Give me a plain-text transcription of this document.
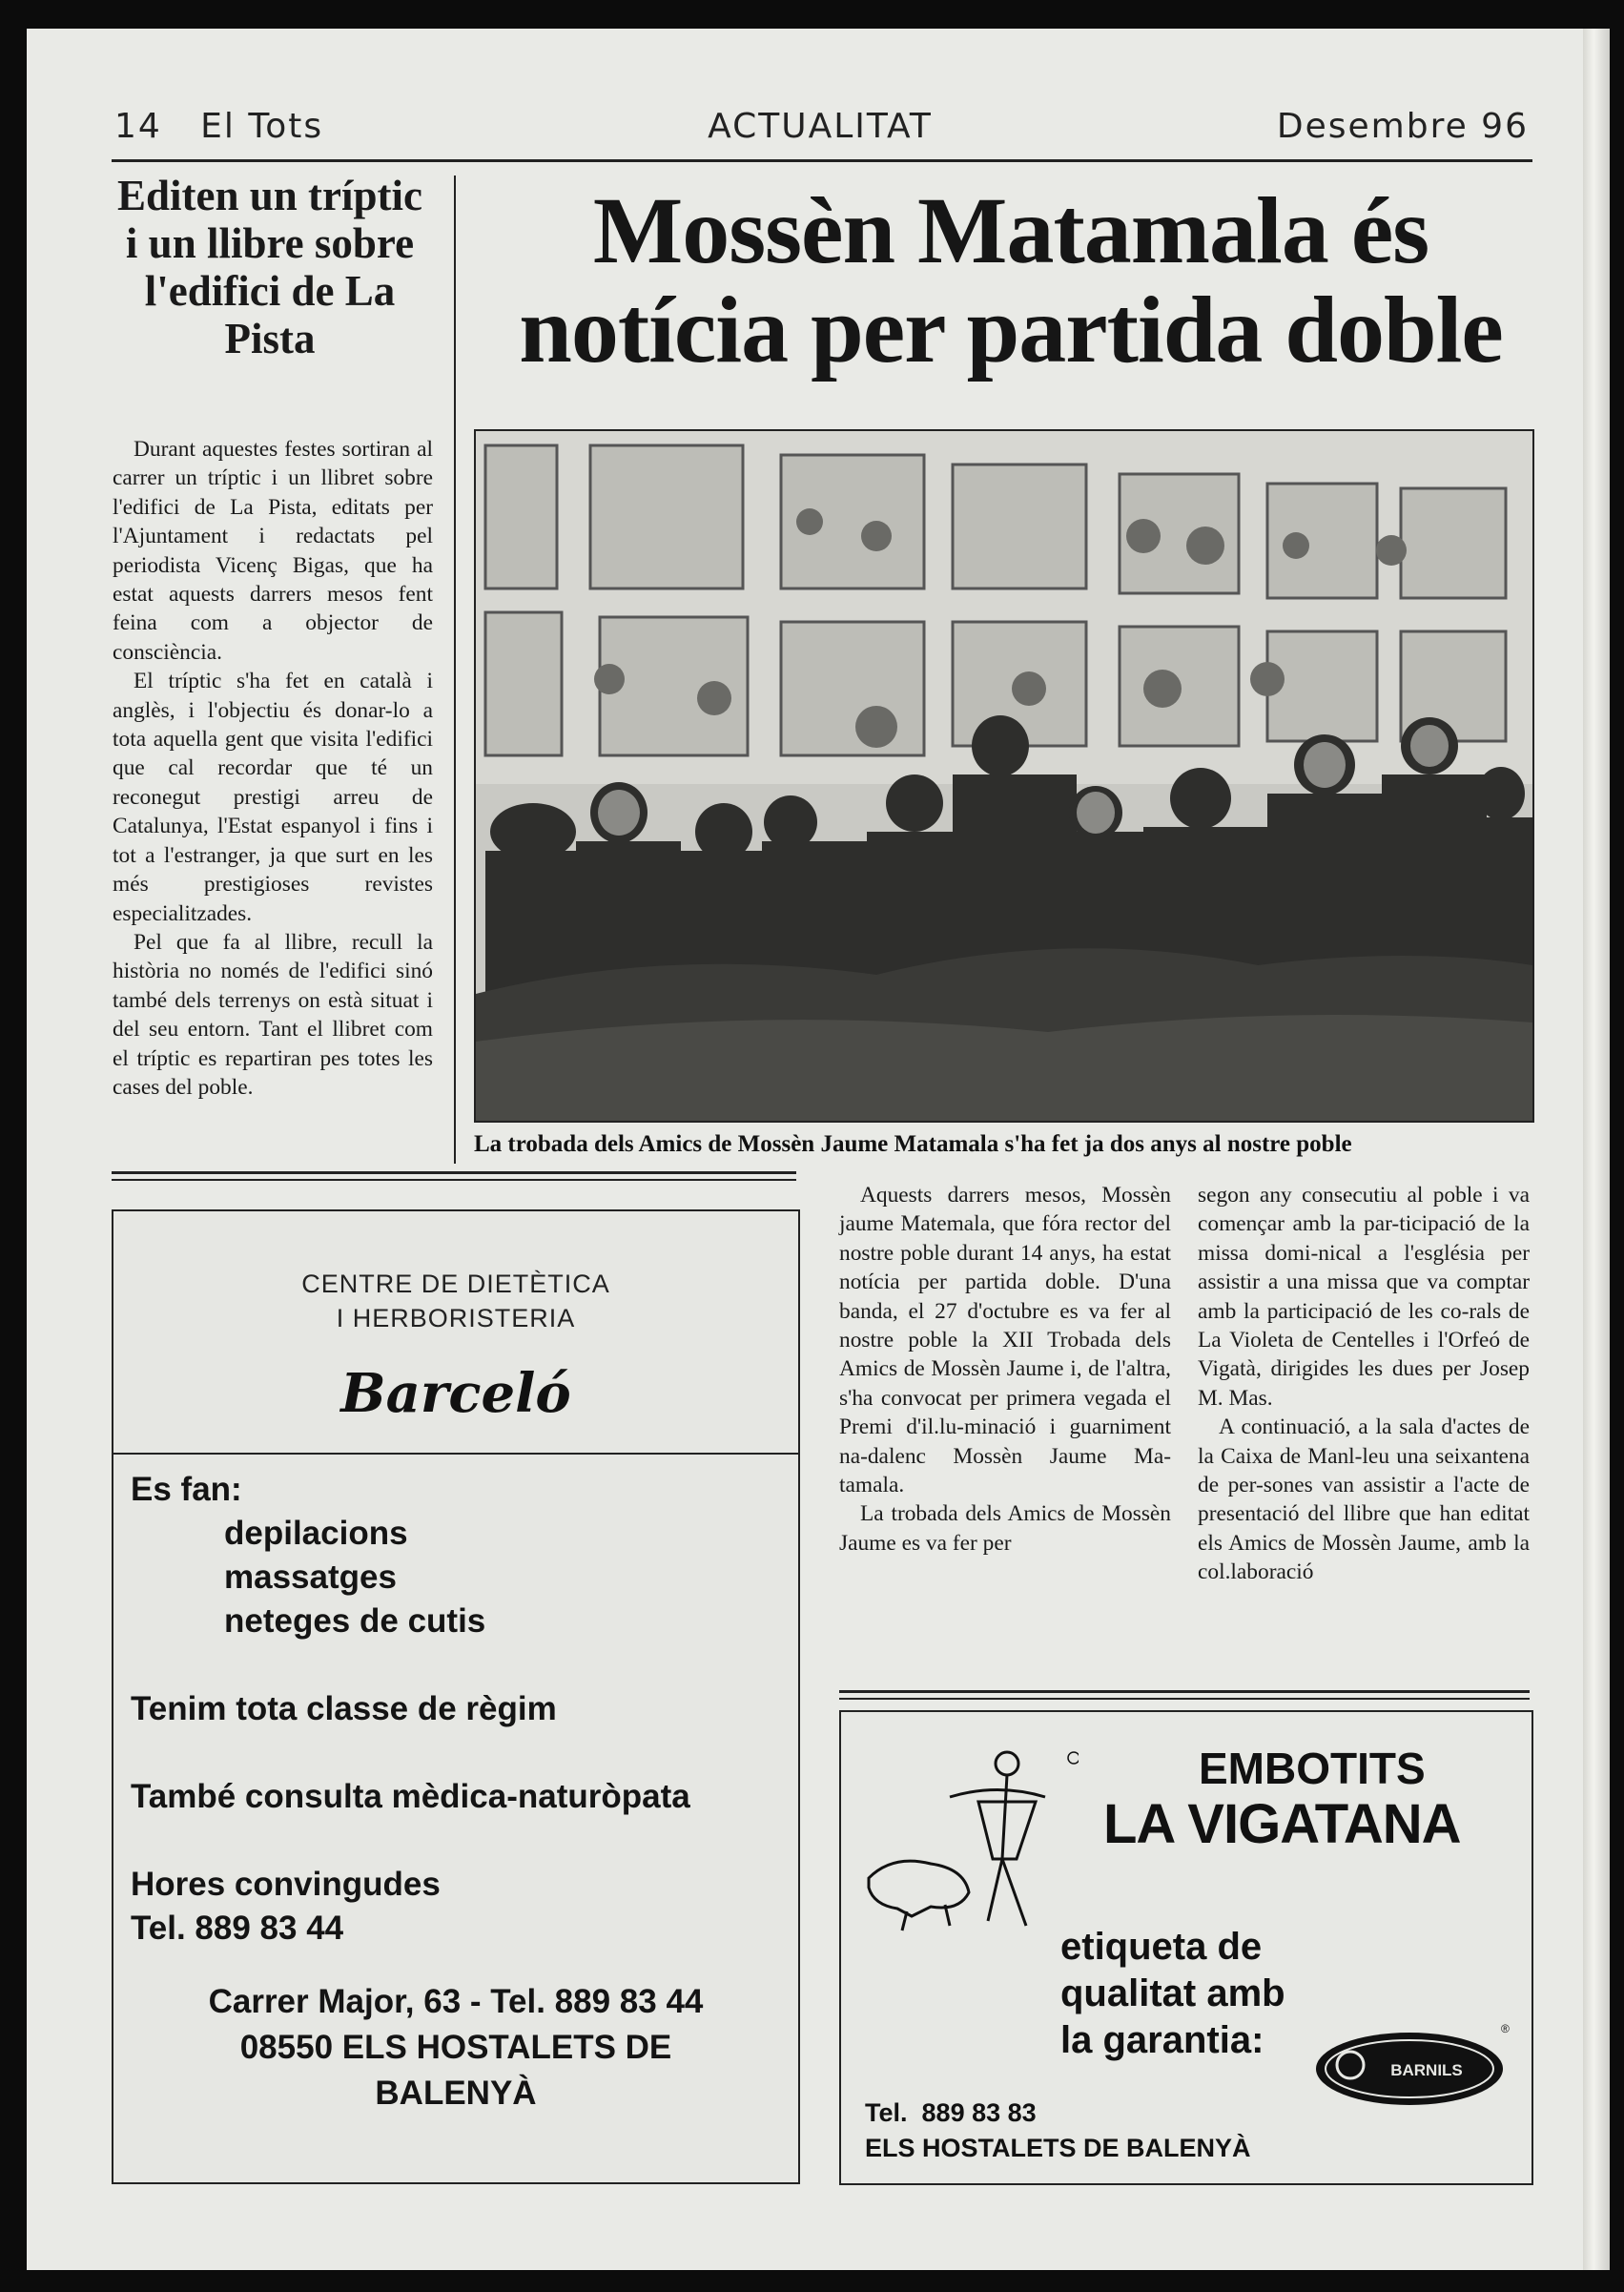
14 El Tots	ACTUALITAT	Desembre 96
Editen un tríptic i un llibre sobre l'edifici de La Pista

Durant aquestes festes sortiran al carrer un tríptic i un llibret sobre l'edifici de La Pista, editats per l'Ajuntament i redactats pel periodista Vicenç Bigas, que ha estat aquests darrers mesos fent feina com a objector de consciència.

El tríptic s'ha fet en català i anglès, i l'objectiu és donar-lo a tota aquella gent que visita l'edifici que cal recordar que té un reconegut prestigi arreu de Catalunya, l'Estat espanyol i fins i tot a l'estranger, ja que surt en les més prestigioses revistes especialitzades.

Pel que fa al llibre, recull la història no només de l'edifici sinó també dels terrenys on està situat i del seu entorn. Tant el llibret com el tríptic es repartiran pes totes les cases del poble.

Mossèn Matamala és notícia per partida doble
La trobada dels Amics de Mossèn Jaume Matamala s'ha fet ja dos anys al nostre poble

Aquests darrers mesos, Mossèn jaume Matemala, que fóra rector del nostre poble durant 14 anys, ha estat notícia per partida doble. D'una banda, el 27 d'octubre es va fer al nostre poble la XII Trobada dels Amics de Mossèn Jaume i, de l'altra, s'ha convocat per primera vegada el Premi d'il.lu-minació i guarniment na-dalenc Mossèn Jaume Ma-tamala.

La trobada dels Amics de Mossèn Jaume es va fer per

segon any consecutiu al poble i va començar amb la par-ticipació de la missa domi-nical a l'església per assistir a una missa que va comptar amb la participació de les co-rals de La Violeta de Centelles i l'Orfeó de Vigatà, dirigides les dues per Josep M. Mas.

A continuació, a la sala d'actes de la Caixa de Manl-leu una seixantena de per-sones van assistir a l'acte de presentació del llibre que han editat els Amics de Mossèn Jaume, amb la col.laboració

CENTRE DE DIETÈTICA
I HERBORISTERIA
Barceló
Es fan:
depilacions
massatges
neteges de cutis
Tenim tota classe de règim
També consulta mèdica-naturòpata
Hores convingudes
Tel. 889 83 44
Carrer Major, 63 - Tel. 889 83 44
08550 ELS HOSTALETS DE
BALENYÀ
EMBOTITS
LA VIGATANA
etiqueta de
qualitat amb
la garantia:
BARNILS
®
Tel. 889 83 83
ELS HOSTALETS DE BALENYÀ
